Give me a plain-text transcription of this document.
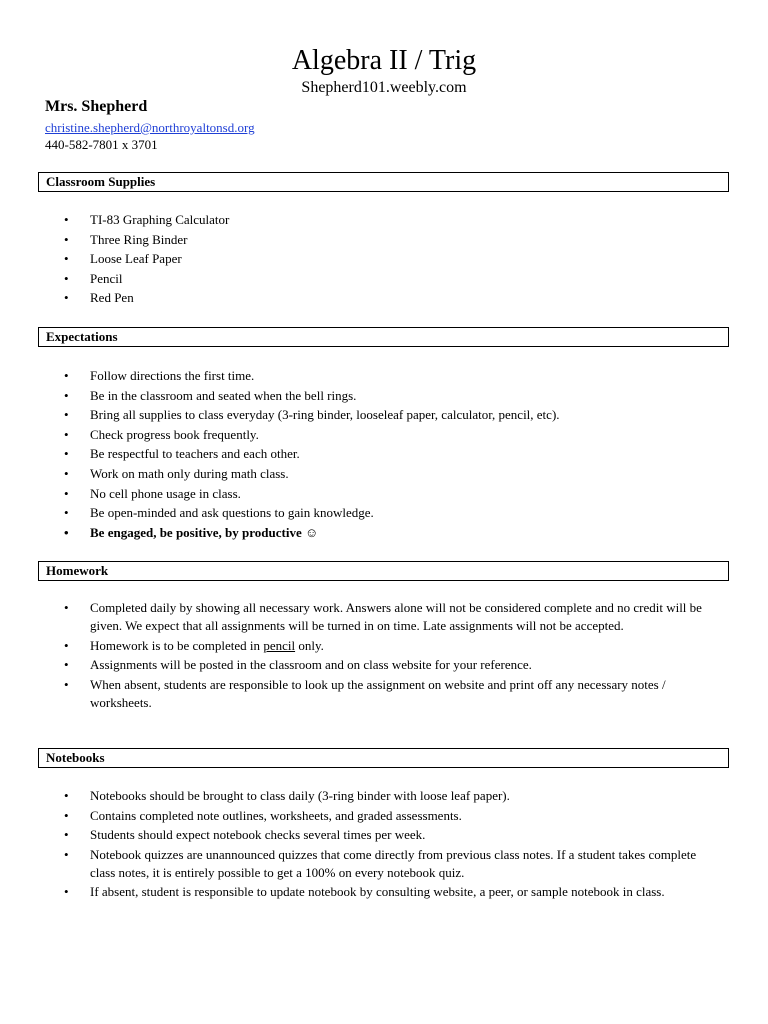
Algebra II / Trig
Shepherd101.weebly.com
Mrs. Shepherd
christine.shepherd@northroyaltonsd.org
440-582-7801 x 3701
Classroom Supplies
•	TI-83 Graphing Calculator
•	Three Ring Binder
•	Loose Leaf Paper
•	Pencil
•	Red Pen
Expectations
•	Follow directions the first time.
•	Be in the classroom and seated when the bell rings.
•	Bring all supplies to class everyday (3-ring binder, looseleaf paper, calculator, pencil, etc).
•	Check progress book frequently.
•	Be respectful to teachers and each other.
•	Work on math only during math class.
•	No cell phone usage in class.
•	Be open-minded and ask questions to gain knowledge.
•	Be engaged, be positive, by productive ☺
Homework
•	Completed daily by showing all necessary work. Answers alone will not be considered complete and no credit will be given. We expect that all assignments will be turned in on time. Late assignments will not be accepted.
•	Homework is to be completed in pencil only.
•	Assignments will be posted in the classroom and on class website for your reference.
•	When absent, students are responsible to look up the assignment on website and print off any necessary notes / worksheets.
Notebooks
•	Notebooks should be brought to class daily (3-ring binder with loose leaf paper).
•	Contains completed note outlines, worksheets, and graded assessments.
•	Students should expect notebook checks several times per week.
•	Notebook quizzes are unannounced quizzes that come directly from previous class notes. If a student takes complete class notes, it is entirely possible to get a 100% on every notebook quiz.
•	If absent, student is responsible to update notebook by consulting website, a peer, or sample notebook in class.
